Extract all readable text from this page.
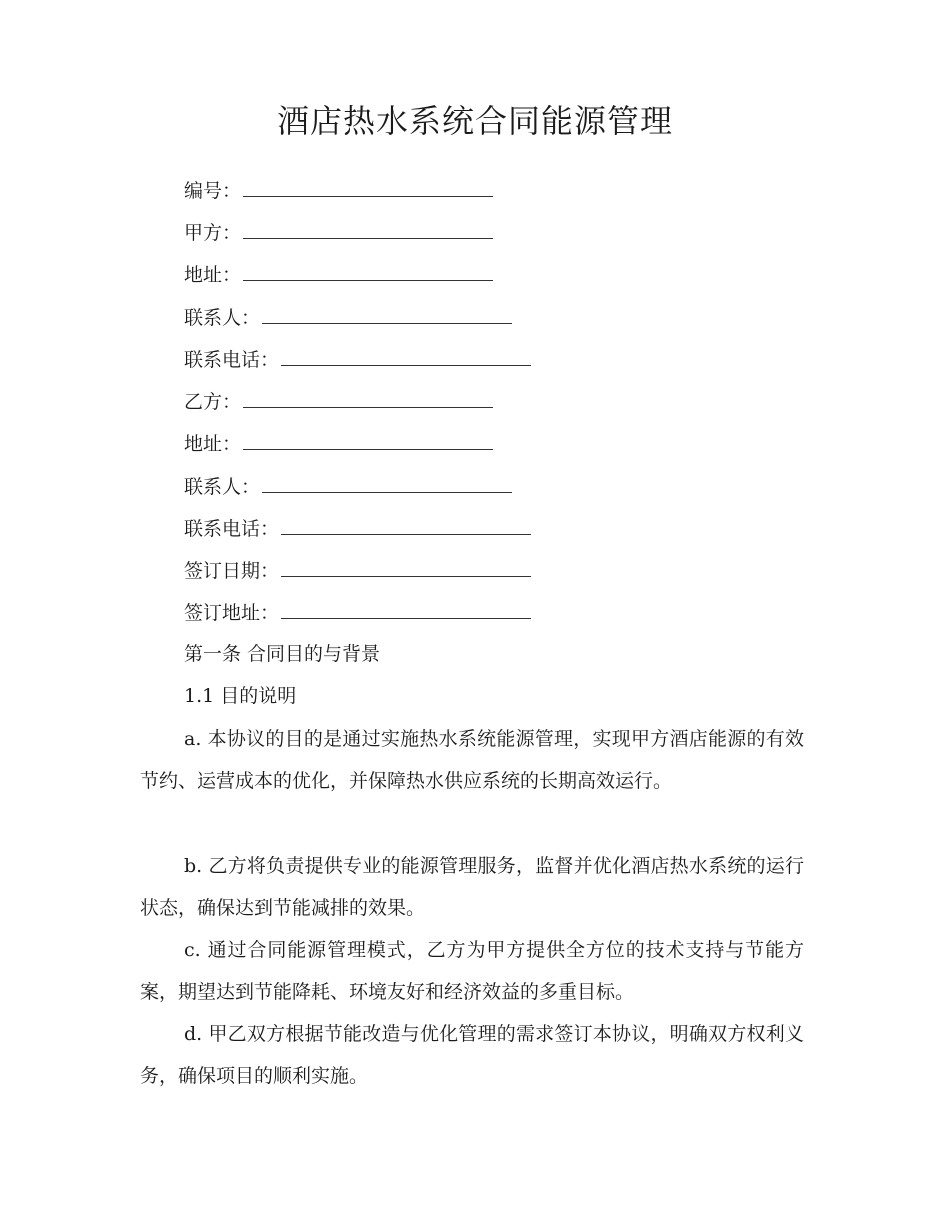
酒店热水系统合同能源管理
编号：
甲方：
地址：
联系人：
联系电话：
乙方：
地址：
联系人：
联系电话：
签订日期：
签订地址：
第一条 合同目的与背景
1.1 目的说明
a. 本协议的目的是通过实施热水系统能源管理，实现甲方酒店能源的有效节约、运营成本的优化，并保障热水供应系统的长期高效运行。
b. 乙方将负责提供专业的能源管理服务，监督并优化酒店热水系统的运行状态，确保达到节能减排的效果。
c. 通过合同能源管理模式，乙方为甲方提供全方位的技术支持与节能方案，期望达到节能降耗、环境友好和经济效益的多重目标。
d. 甲乙双方根据节能改造与优化管理的需求签订本协议，明确双方权利义务，确保项目的顺利实施。
